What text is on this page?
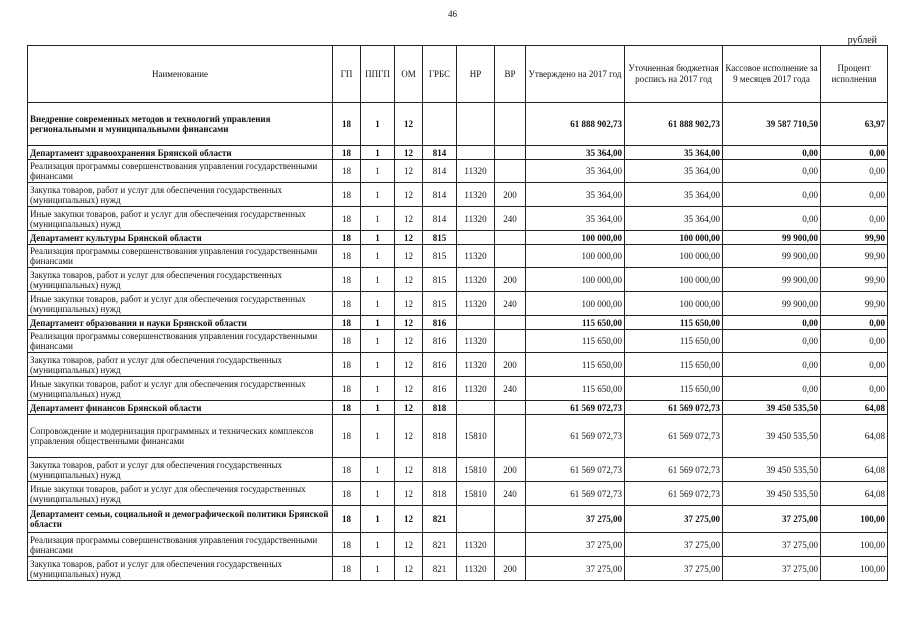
46
рублей
Наименование	ГП	ППГП	ОМ	ГРБС	НР	ВР	Утверждено на 2017 год	Уточненная бюджетная роспись на 2017 год	Кассовое исполнение за 9 месяцев 2017 года	Процент исполнения
Внедрение современных методов и технологий управления региональными и муниципальными финансами	18	1	12				61 888 902,73	61 888 902,73	39 587 710,50	63,97
Департамент здравоохранения Брянской области	18	1	12	814			35 364,00	35 364,00	0,00	0,00
Реализация программы совершенствования управления государственными финансами	18	1	12	814	11320		35 364,00	35 364,00	0,00	0,00
Закупка товаров, работ и услуг для обеспечения государственных (муниципальных) нужд	18	1	12	814	11320	200	35 364,00	35 364,00	0,00	0,00
Иные закупки товаров, работ и услуг для обеспечения государственных (муниципальных) нужд	18	1	12	814	11320	240	35 364,00	35 364,00	0,00	0,00
Департамент культуры Брянской области	18	1	12	815			100 000,00	100 000,00	99 900,00	99,90
Реализация программы совершенствования управления государственными финансами	18	1	12	815	11320		100 000,00	100 000,00	99 900,00	99,90
Закупка товаров, работ и услуг для обеспечения государственных (муниципальных) нужд	18	1	12	815	11320	200	100 000,00	100 000,00	99 900,00	99,90
Иные закупки товаров, работ и услуг для обеспечения государственных (муниципальных) нужд	18	1	12	815	11320	240	100 000,00	100 000,00	99 900,00	99,90
Департамент образования и науки Брянской области	18	1	12	816			115 650,00	115 650,00	0,00	0,00
Реализация программы совершенствования управления государственными финансами	18	1	12	816	11320		115 650,00	115 650,00	0,00	0,00
Закупка товаров, работ и услуг для обеспечения государственных (муниципальных) нужд	18	1	12	816	11320	200	115 650,00	115 650,00	0,00	0,00
Иные закупки товаров, работ и услуг для обеспечения государственных (муниципальных) нужд	18	1	12	816	11320	240	115 650,00	115 650,00	0,00	0,00
Департамент финансов Брянской области	18	1	12	818			61 569 072,73	61 569 072,73	39 450 535,50	64,08
Сопровождение и модернизация программных и технических комплексов управления общественными финансами	18	1	12	818	15810		61 569 072,73	61 569 072,73	39 450 535,50	64,08
Закупка товаров, работ и услуг для обеспечения государственных (муниципальных) нужд	18	1	12	818	15810	200	61 569 072,73	61 569 072,73	39 450 535,50	64,08
Иные закупки товаров, работ и услуг для обеспечения государственных (муниципальных) нужд	18	1	12	818	15810	240	61 569 072,73	61 569 072,73	39 450 535,50	64,08
Департамент семьи, социальной и демографической политики Брянской области	18	1	12	821			37 275,00	37 275,00	37 275,00	100,00
Реализация программы совершенствования управления государственными финансами	18	1	12	821	11320		37 275,00	37 275,00	37 275,00	100,00
Закупка товаров, работ и услуг для обеспечения государственных (муниципальных) нужд	18	1	12	821	11320	200	37 275,00	37 275,00	37 275,00	100,00
